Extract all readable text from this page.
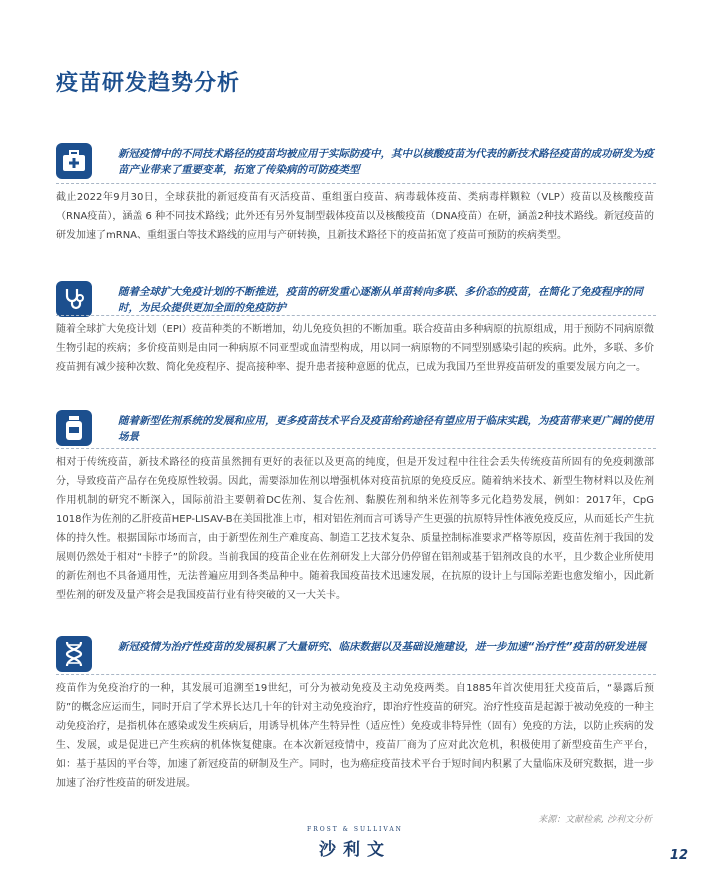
疫苗研发趋势分析
新冠疫情中的不同技术路径的疫苗均被应用于实际防疫中，其中以核酸疫苗为代表的新技术路径疫苗的成功研发为疫苗产业带来了重要变革，拓宽了传染病的可防疫类型
截止2022年9月30日，全球获批的新冠疫苗有灭活疫苗、重组蛋白疫苗、病毒载体疫苗、类病毒样颗粒（VLP）疫苗以及核酸疫苗（RNA疫苗），涵盖 6 种不同技术路线；此外还有另外复制型载体疫苗以及核酸疫苗（DNA疫苗）在研，涵盖2种技术路线。新冠疫苗的研发加速了mRNA、重组蛋白等技术路线的应用与产研转换，且新技术路径下的疫苗拓宽了疫苗可预防的疾病类型。
随着全球扩大免疫计划的不断推进，疫苗的研发重心逐渐从单苗转向多联、多价态的疫苗，在简化了免疫程序的同时，为民众提供更加全面的免疫防护
随着全球扩大免疫计划（EPI）疫苗种类的不断增加，幼儿免疫负担的不断加重。联合疫苗由多种病原的抗原组成，用于预防不同病原微生物引起的疾病；多价疫苗则是由同一种病原不同亚型或血清型构成，用以同一病原物的不同型别感染引起的疾病。此外，多联、多价疫苗拥有减少接种次数、简化免疫程序、提高接种率、提升患者接种意愿的优点，已成为我国乃至世界疫苗研发的重要发展方向之一。
随着新型佐剂系统的发展和应用，更多疫苗技术平台及疫苗给药途径有望应用于临床实践，为疫苗带来更广阔的使用场景
相对于传统疫苗，新技术路径的疫苗虽然拥有更好的表征以及更高的纯度，但是开发过程中往往会丢失传统疫苗所固有的免疫刺激部分，导致疫苗产品存在免疫原性较弱。因此，需要添加佐剂以增强机体对疫苗抗原的免疫反应。随着纳米技术、新型生物材料以及佐剂作用机制的研究不断深入，国际前沿主要朝着DC佐剂、复合佐剂、黏膜佐剂和纳米佐剂等多元化趋势发展，例如：2017年，CpG 1018作为佐剂的乙肝疫苗HEP-LISAV-B在美国批准上市，相对铝佐剂而言可诱导产生更强的抗原特异性体液免疫反应，从而延长产生抗体的持久性。根据国际市场而言，由于新型佐剂生产难度高、制造工艺技术复杂、质量控制标准要求严格等原因，疫苗佐剂于我国的发展则仍然处于相对“卡脖子”的阶段。当前我国的疫苗企业在佐剂研发上大部分仍停留在铝剂或基于铝剂改良的水平，且少数企业所使用的新佐剂也不具备通用性，无法普遍应用到各类品种中。随着我国疫苗技术迅速发展，在抗原的设计上与国际差距也愈发缩小，因此新型佐剂的研发及量产将会是我国疫苗行业有待突破的又一大关卡。
新冠疫情为治疗性疫苗的发展积累了大量研究、临床数据以及基础设施建设，进一步加速“治疗性”疫苗的研发进展
疫苗作为免疫治疗的一种，其发展可追溯至19世纪，可分为被动免疫及主动免疫两类。自1885年首次使用狂犬疫苗后，“暴露后预防”的概念应运而生，同时开启了学术界长达几十年的针对主动免疫治疗，即治疗性疫苗的研究。治疗性疫苗是起源于被动免疫的一种主动免疫治疗，是指机体在感染或发生疾病后，用诱导机体产生特异性（适应性）免疫或非特异性（固有）免疫的方法，以防止疾病的发生、发展，或是促进已产生疾病的机体恢复健康。在本次新冠疫情中，疫苗厂商为了应对此次危机，积极使用了新型疫苗生产平台，如：基于基因的平台等，加速了新冠疫苗的研制及生产。同时，也为癌症疫苗技术平台于短时间内积累了大量临床及研究数据，进一步加速了治疗性疫苗的研发进展。
来源：文献检索, 沙利文分析
FROST & SULLIVAN
沙利文	12
